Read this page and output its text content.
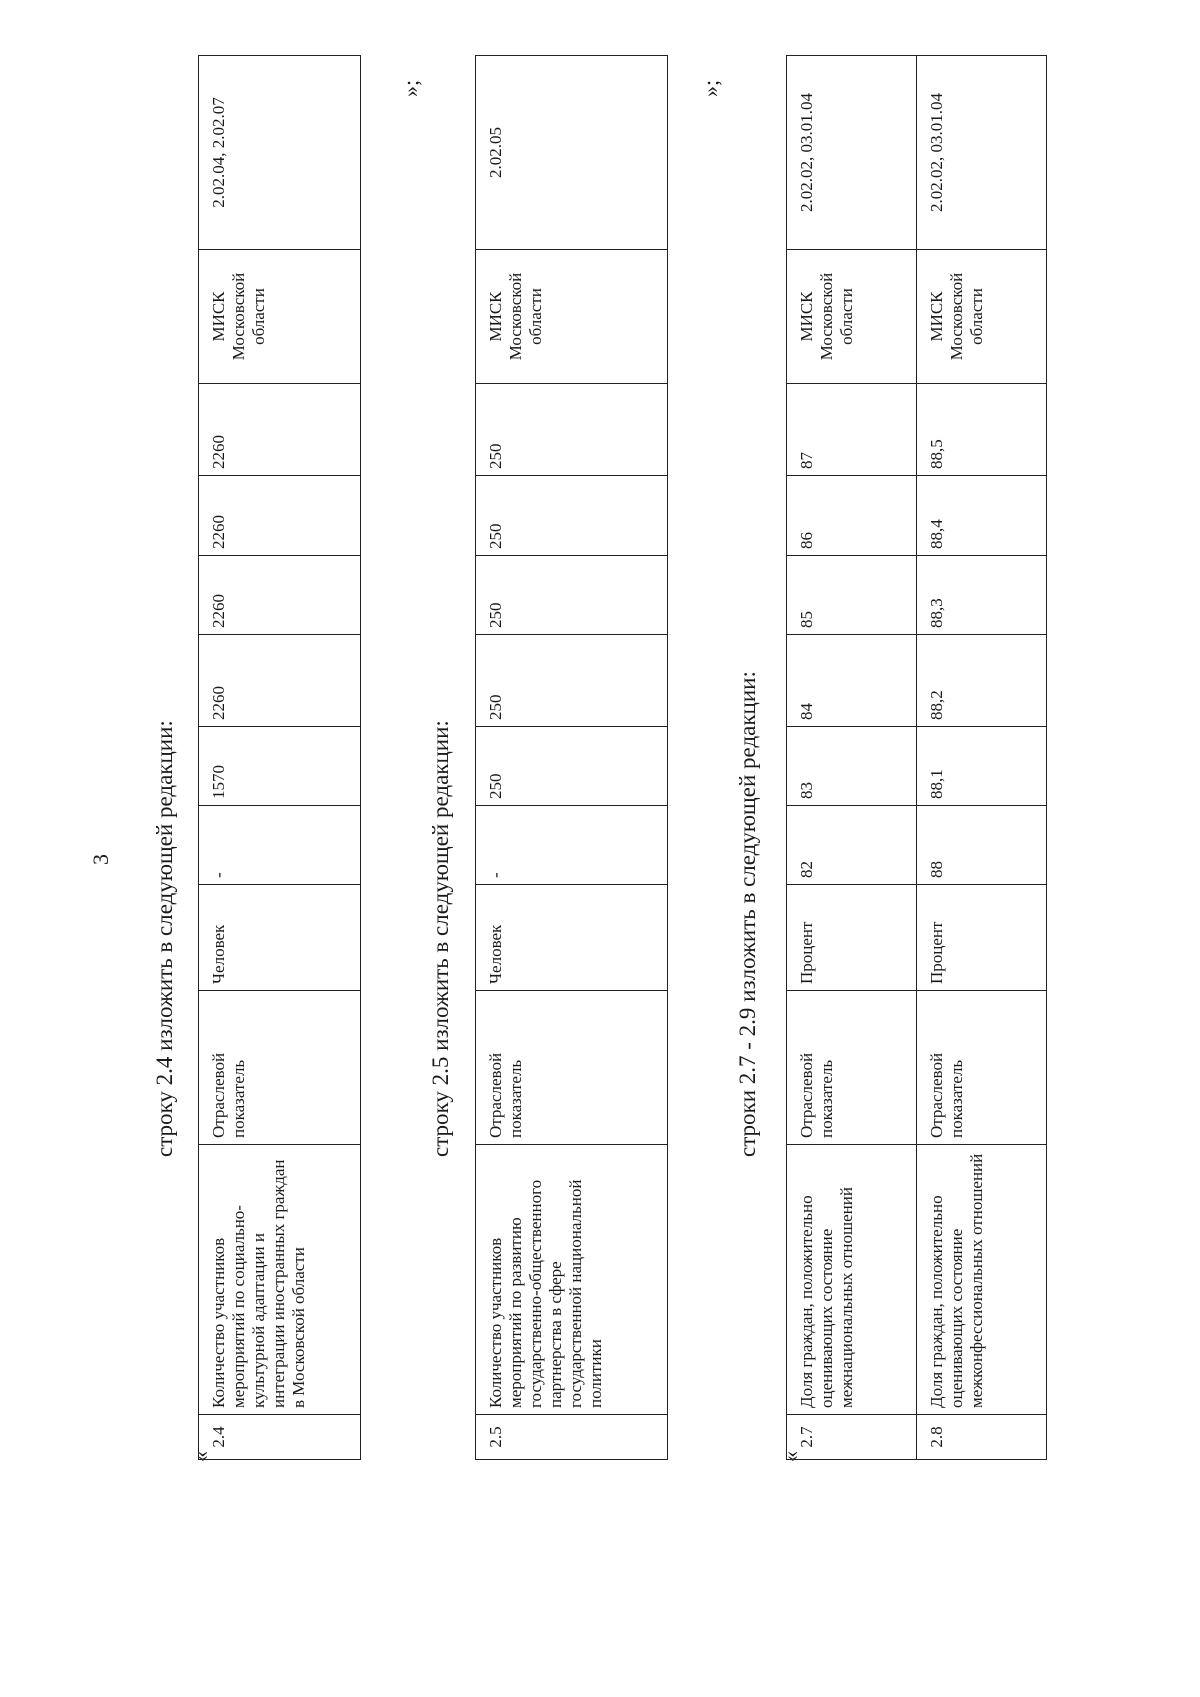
3 строку 2.4 изложить в следующей редакции:
«
2.4	Количество участников мероприятий по социально-культурной адаптации и интеграции иностранных граждан в Московской области	Отраслевой показатель	Человек	-	1570	2260	2260	2260	2260	МИСК Московской области	2.02.04, 2.02.07
»;
строку 2.5 изложить в следующей редакции:
2.5	Количество участников мероприятий по развитию государственно-общественного партнерства в сфере государственной национальной политики	Отраслевой показатель	Человек	-	250	250	250	250	250	МИСК Московской области	2.02.05
»;
строки 2.7 - 2.9 изложить в следующей редакции:
«
2.7	Доля граждан, положительно оценивающих состояние межнациональных отношений	Отраслевой показатель	Процент	82	83	84	85	86	87	МИСК Московской области	2.02.02, 03.01.04
2.8	Доля граждан, положительно оценивающих состояние межконфессиональных отношений	Отраслевой показатель	Процент	88	88,1	88,2	88,3	88,4	88,5	МИСК Московской области	2.02.02, 03.01.04
